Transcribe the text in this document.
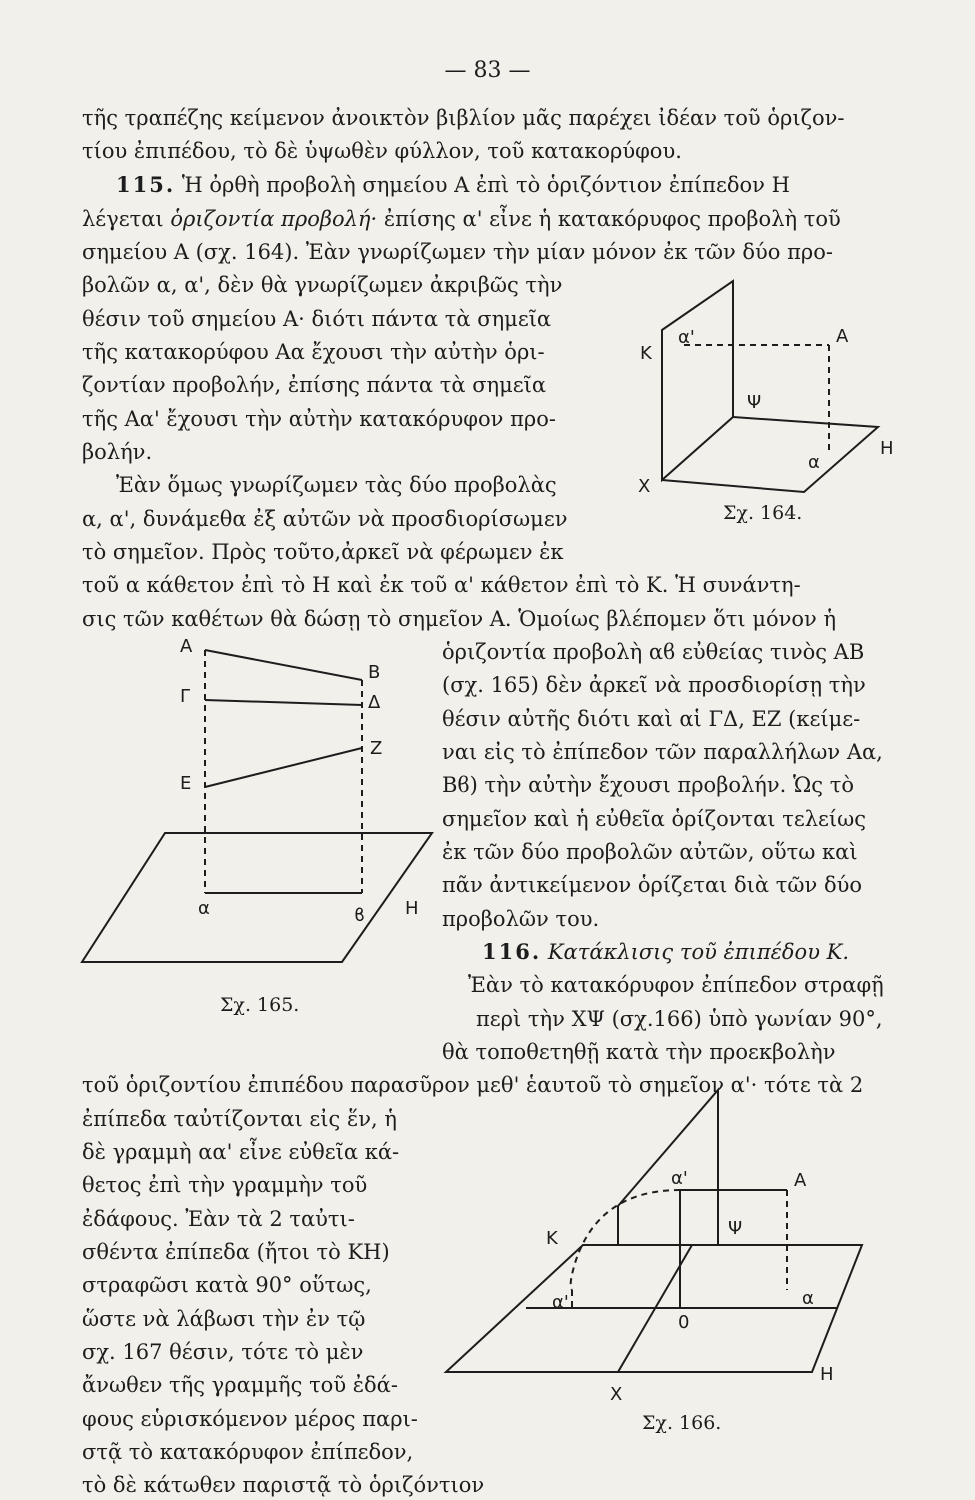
— 83 —
τῆς τραπέζης κείμενον ἀνοικτὸν βιβλίον μᾶς παρέχει ἰδέαν τοῦ ὁριζον-
τίου ἐπιπέδου, τὸ δὲ ὑψωθὲν φύλλον, τοῦ κατακορύφου.
115. Ἡ ὀρθὴ προβολὴ σημείου Α ἐπὶ τὸ ὁριζόντιον ἐπίπεδον Η
λέγεται ὁριζοντία προβολή· ἐπίσης α' εἶνε ἡ κατακόρυφος προβολὴ τοῦ
σημείου Α (σχ. 164). Ἐὰν γνωρίζωμεν τὴν μίαν μόνον ἐκ τῶν δύο προ-
βολῶν α, α', δὲν θὰ γνωρίζωμεν ἀκριβῶς τὴν
θέσιν τοῦ σημείου Α· διότι πάντα τὰ σημεῖα
τῆς κατακορύφου Αα ἔχουσι τὴν αὐτὴν ὁρι-
ζοντίαν προβολήν, ἐπίσης πάντα τὰ σημεῖα
τῆς Αα' ἔχουσι τὴν αὐτὴν κατακόρυφον προ-
βολήν.
Ἐὰν ὅμως γνωρίζωμεν τὰς δύο προβολὰς
α, α', δυνάμεθα ἐξ αὐτῶν νὰ προσδιορίσωμεν
τὸ σημεῖον. Πρὸς τοῦτο,ἀρκεῖ νὰ φέρωμεν ἐκ
τοῦ α κάθετον ἐπὶ τὸ Η καὶ ἐκ τοῦ α' κάθετον ἐπὶ τὸ Κ. Ἡ συνάντη-
σις τῶν καθέτων θὰ δώσῃ τὸ σημεῖον Α. Ὁμοίως βλέπομεν ὅτι μόνον ἡ
ὁριζοντία προβολὴ αϐ εὐθείας τινὸς ΑΒ
(σχ. 165) δὲν ἀρκεῖ νὰ προσδιορίσῃ τὴν
θέσιν αὐτῆς διότι καὶ αἱ ΓΔ, ΕΖ (κείμε-
ναι εἰς τὸ ἐπίπεδον τῶν παραλλήλων Αα,
Βϐ) τὴν αὐτὴν ἔχουσι προβολήν. Ὡς τὸ
σημεῖον καὶ ἡ εὐθεῖα ὁρίζονται τελείως
ἐκ τῶν δύο προβολῶν αὐτῶν, οὕτω καὶ
πᾶν ἀντικείμενον ὁρίζεται διὰ τῶν δύο
προβολῶν του.
116. Κατάκλισις τοῦ ἐπιπέδου Κ.
Ἐὰν τὸ κατακόρυφον ἐπίπεδον στραφῇ
περὶ τὴν ΧΨ (σχ.166) ὑπὸ γωνίαν 90°,
θὰ τοποθετηθῇ κατὰ τὴν προεκβολὴν
τοῦ ὁριζοντίου ἐπιπέδου παρασῦρον μεθ' ἑαυτοῦ τὸ σημεῖον α'· τότε τὰ 2
ἐπίπεδα ταὐτίζονται εἰς ἕν, ἡ
δὲ γραμμὴ αα' εἶνε εὐθεῖα κά-
θετος ἐπὶ τὴν γραμμὴν τοῦ
ἐδάφους. Ἐὰν τὰ 2 ταὐτι-
σθέντα ἐπίπεδα (ἤτοι τὸ ΚΗ)
στραφῶσι κατὰ 90° οὕτως,
ὥστε νὰ λάβωσι τὴν ἐν τῷ
σχ. 167 θέσιν, τότε τὸ μὲν
ἄνωθεν τῆς γραμμῆς τοῦ ἐδά-
φους εὑρισκόμενον μέρος παρι-
στᾷ τὸ κατακόρυφον ἐπίπεδον,
τὸ δὲ κάτωθεν παριστᾷ τὸ ὁριζόντιον
Κ
α'	Α
Ψ
α
Η
Χ
Σχ. 164.
Α
Γ
Β
Δ
Ζ
Ε
α	ϐ Η
Σχ. 165.
α'	Α
Κ	Ψ
α'
0
α
Η
Χ
Σχ. 166.
